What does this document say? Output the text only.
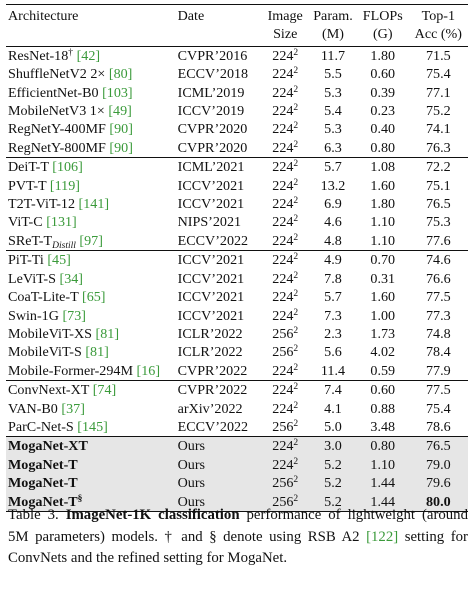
Architecture	Date	Image	Param.	FLOPs	Top-1
		Size	(M)	(G)	Acc (%)
ResNet-18† [42]	CVPR’2016	$224^2$	11.7	1.80	71.5
ShuffleNetV2 2× [80]	ECCV’2018	$224^2$	5.5	0.60	75.4
EfficientNet-B0 [103]	ICML’2019	$224^2$	5.3	0.39	77.1
MobileNetV3 1× [49]	ICCV’2019	$224^2$	5.4	0.23	75.2
RegNetY-400MF [90]	CVPR’2020	$224^2$	5.3	0.40	74.1
RegNetY-800MF [90]	CVPR’2020	$224^2$	6.3	0.80	76.3
DeiT-T [106]	ICML’2021	$224^2$	5.7	1.08	72.2
PVT-T [119]	ICCV’2021	$224^2$	13.2	1.60	75.1
T2T-ViT-12 [141]	ICCV’2021	$224^2$	6.9	1.80	76.5
ViT-C [131]	NIPS’2021	$224^2$	4.6	1.10	75.3
SReT-$T_{Distill}$ [97]	ECCV’2022	$224^2$	4.8	1.10	77.6
PiT-Ti [45]	ICCV’2021	$224^2$	4.9	0.70	74.6
LeViT-S [34]	ICCV’2021	$224^2$	7.8	0.31	76.6
CoaT-Lite-T [65]	ICCV’2021	$224^2$	5.7	1.60	77.5
Swin-1G [73]	ICCV’2021	$224^2$	7.3	1.00	77.3
MobileViT-XS [81]	ICLR’2022	$256^2$	2.3	1.73	74.8
MobileViT-S [81]	ICLR’2022	$256^2$	5.6	4.02	78.4
Mobile-Former-294M [16]	CVPR’2022	$224^2$	11.4	0.59	77.9
ConvNext-XT [74]	CVPR’2022	$224^2$	7.4	0.60	77.5
VAN-B0 [37]	arXiv’2022	$224^2$	4.1	0.88	75.4
ParC-Net-S [145]	ECCV’2022	$256^2$	5.0	3.48	78.6
MogaNet-XT	Ours	$224^2$	3.0	0.80	76.5
MogaNet-T	Ours	$224^2$	5.2	1.10	79.0
MogaNet-T	Ours	$256^2$	5.2	1.44	79.6
MogaNet-T§	Ours	$256^2$	5.2	1.44	80.0
Table 3. ImageNet-1K classification performance of lightweight (around 5M parameters) models. † and § denote using RSB A2 [122] setting for ConvNets and the refined setting for MogaNet.
